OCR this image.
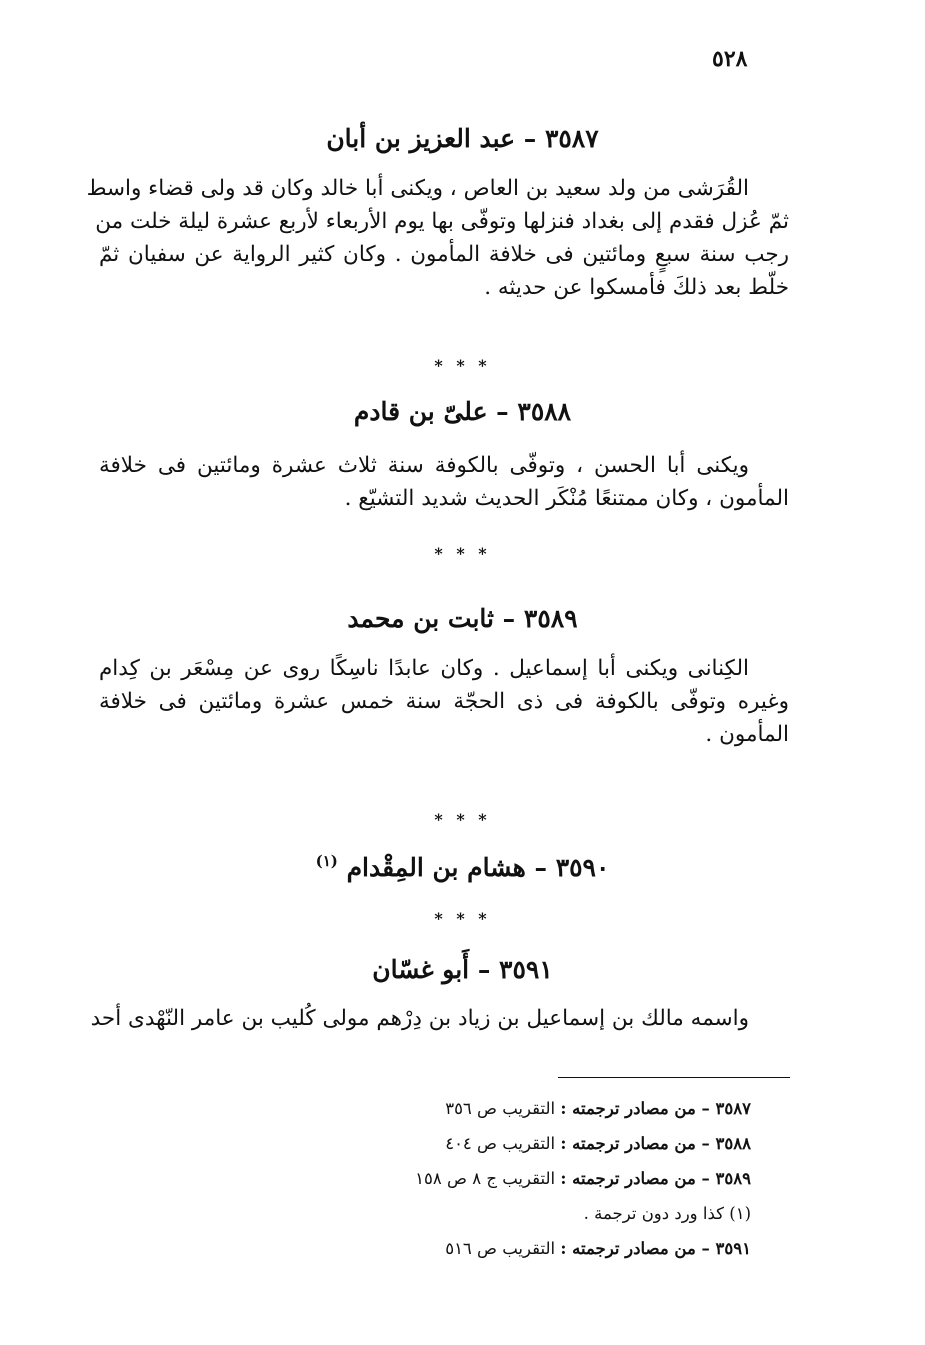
٥٢٨
٣٥٨٧ – عبد العزيز بن أبان
القُرَشى من ولد سعيد بن العاص ، ويكنى أبا خالد وكان قد ولى قضاء واسط
ثمّ عُزل فقدم إلى بغداد فنزلها وتوفّى بها يوم الأربعاء لأربع عشرة ليلة خلت من
رجب سنة سبعٍ ومائتين فى خلافة المأمون . وكان كثير الرواية عن سفيان ثمّ
خلّط بعد ذلكَ فأمسكوا عن حديثه .
* * *
٣٥٨٨ – علىّ بن قادم
ويكنى أبا الحسن ، وتوفّى بالكوفة سنة ثلاث عشرة ومائتين فى خلافة
المأمون ، وكان ممتنعًا مُنْكَر الحديث شديد التشيّع .
* * *
٣٥٨٩ – ثابت بن محمد
الكِنانى ويكنى أبا إسماعيل . وكان عابدًا ناسِكًا روى عن مِسْعَر بن كِدام
وغيره وتوفّى بالكوفة فى ذى الحجّة سنة خمس عشرة ومائتين فى خلافة
المأمون .
* * *
٣٥٩٠ – هشام بن المِقْدام $^{(١)}$
* * *
٣٥٩١ – أَبو غسّان
واسمه مالك بن إسماعيل بن زياد بن دِرْهم مولى كُليب بن عامر النّهْدى أحد
٣٥٨٧ – من مصادر ترجمته : التقريب ص ٣٥٦
٣٥٨٨ – من مصادر ترجمته : التقريب ص ٤٠٤
٣٥٨٩ – من مصادر ترجمته : التقريب ج ٨ ص ١٥٨
(١) كذا ورد دون ترجمة .
٣٥٩١ – من مصادر ترجمته : التقريب ص ٥١٦
